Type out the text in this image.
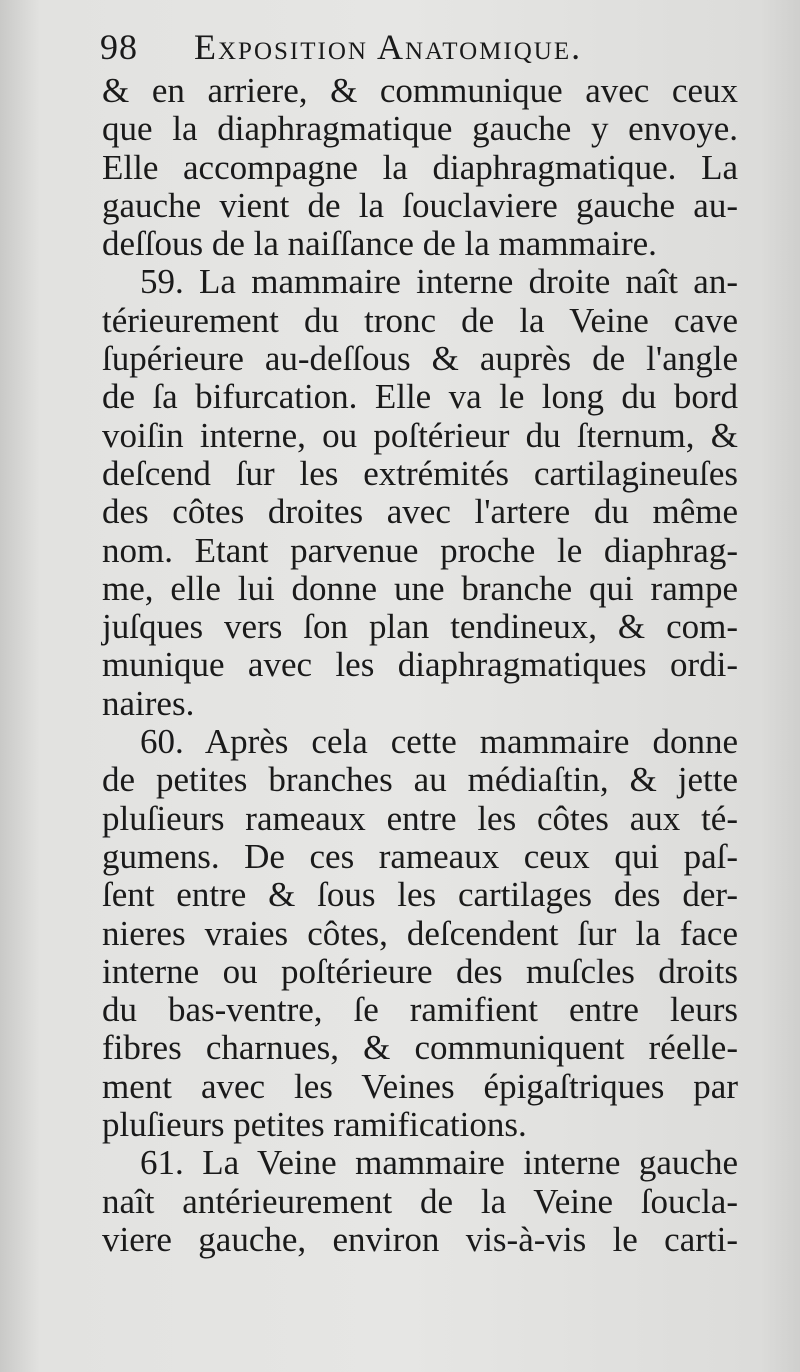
98 Exposition Anatomique.
& en arriere, & communique avec ceux
que la diaphragmatique gauche y envoye.
Elle accompagne la diaphragmatique. La
gauche vient de la ſouclaviere gauche au-
deſſous de la naiſſance de la mammaire.
59. La mammaire interne droite naît an-
térieurement du tronc de la Veine cave
ſupérieure au-deſſous & auprès de l'angle
de ſa bifurcation. Elle va le long du bord
voiſin interne, ou poſtérieur du ſternum, &
deſcend ſur les extrémités cartilagineuſes
des côtes droites avec l'artere du même
nom. Etant parvenue proche le diaphrag-
me, elle lui donne une branche qui rampe
juſques vers ſon plan tendineux, & com-
munique avec les diaphragmatiques ordi-
naires.
60. Après cela cette mammaire donne
de petites branches au médiaſtin, & jette
pluſieurs rameaux entre les côtes aux té-
gumens. De ces rameaux ceux qui paſ-
ſent entre & ſous les cartilages des der-
nieres vraies côtes, deſcendent ſur la face
interne ou poſtérieure des muſcles droits
du bas-ventre, ſe ramifient entre leurs
fibres charnues, & communiquent réelle-
ment avec les Veines épigaſtriques par
pluſieurs petites ramifications.
61. La Veine mammaire interne gauche
naît antérieurement de la Veine ſoucla-
viere gauche, environ vis-à-vis le carti-
